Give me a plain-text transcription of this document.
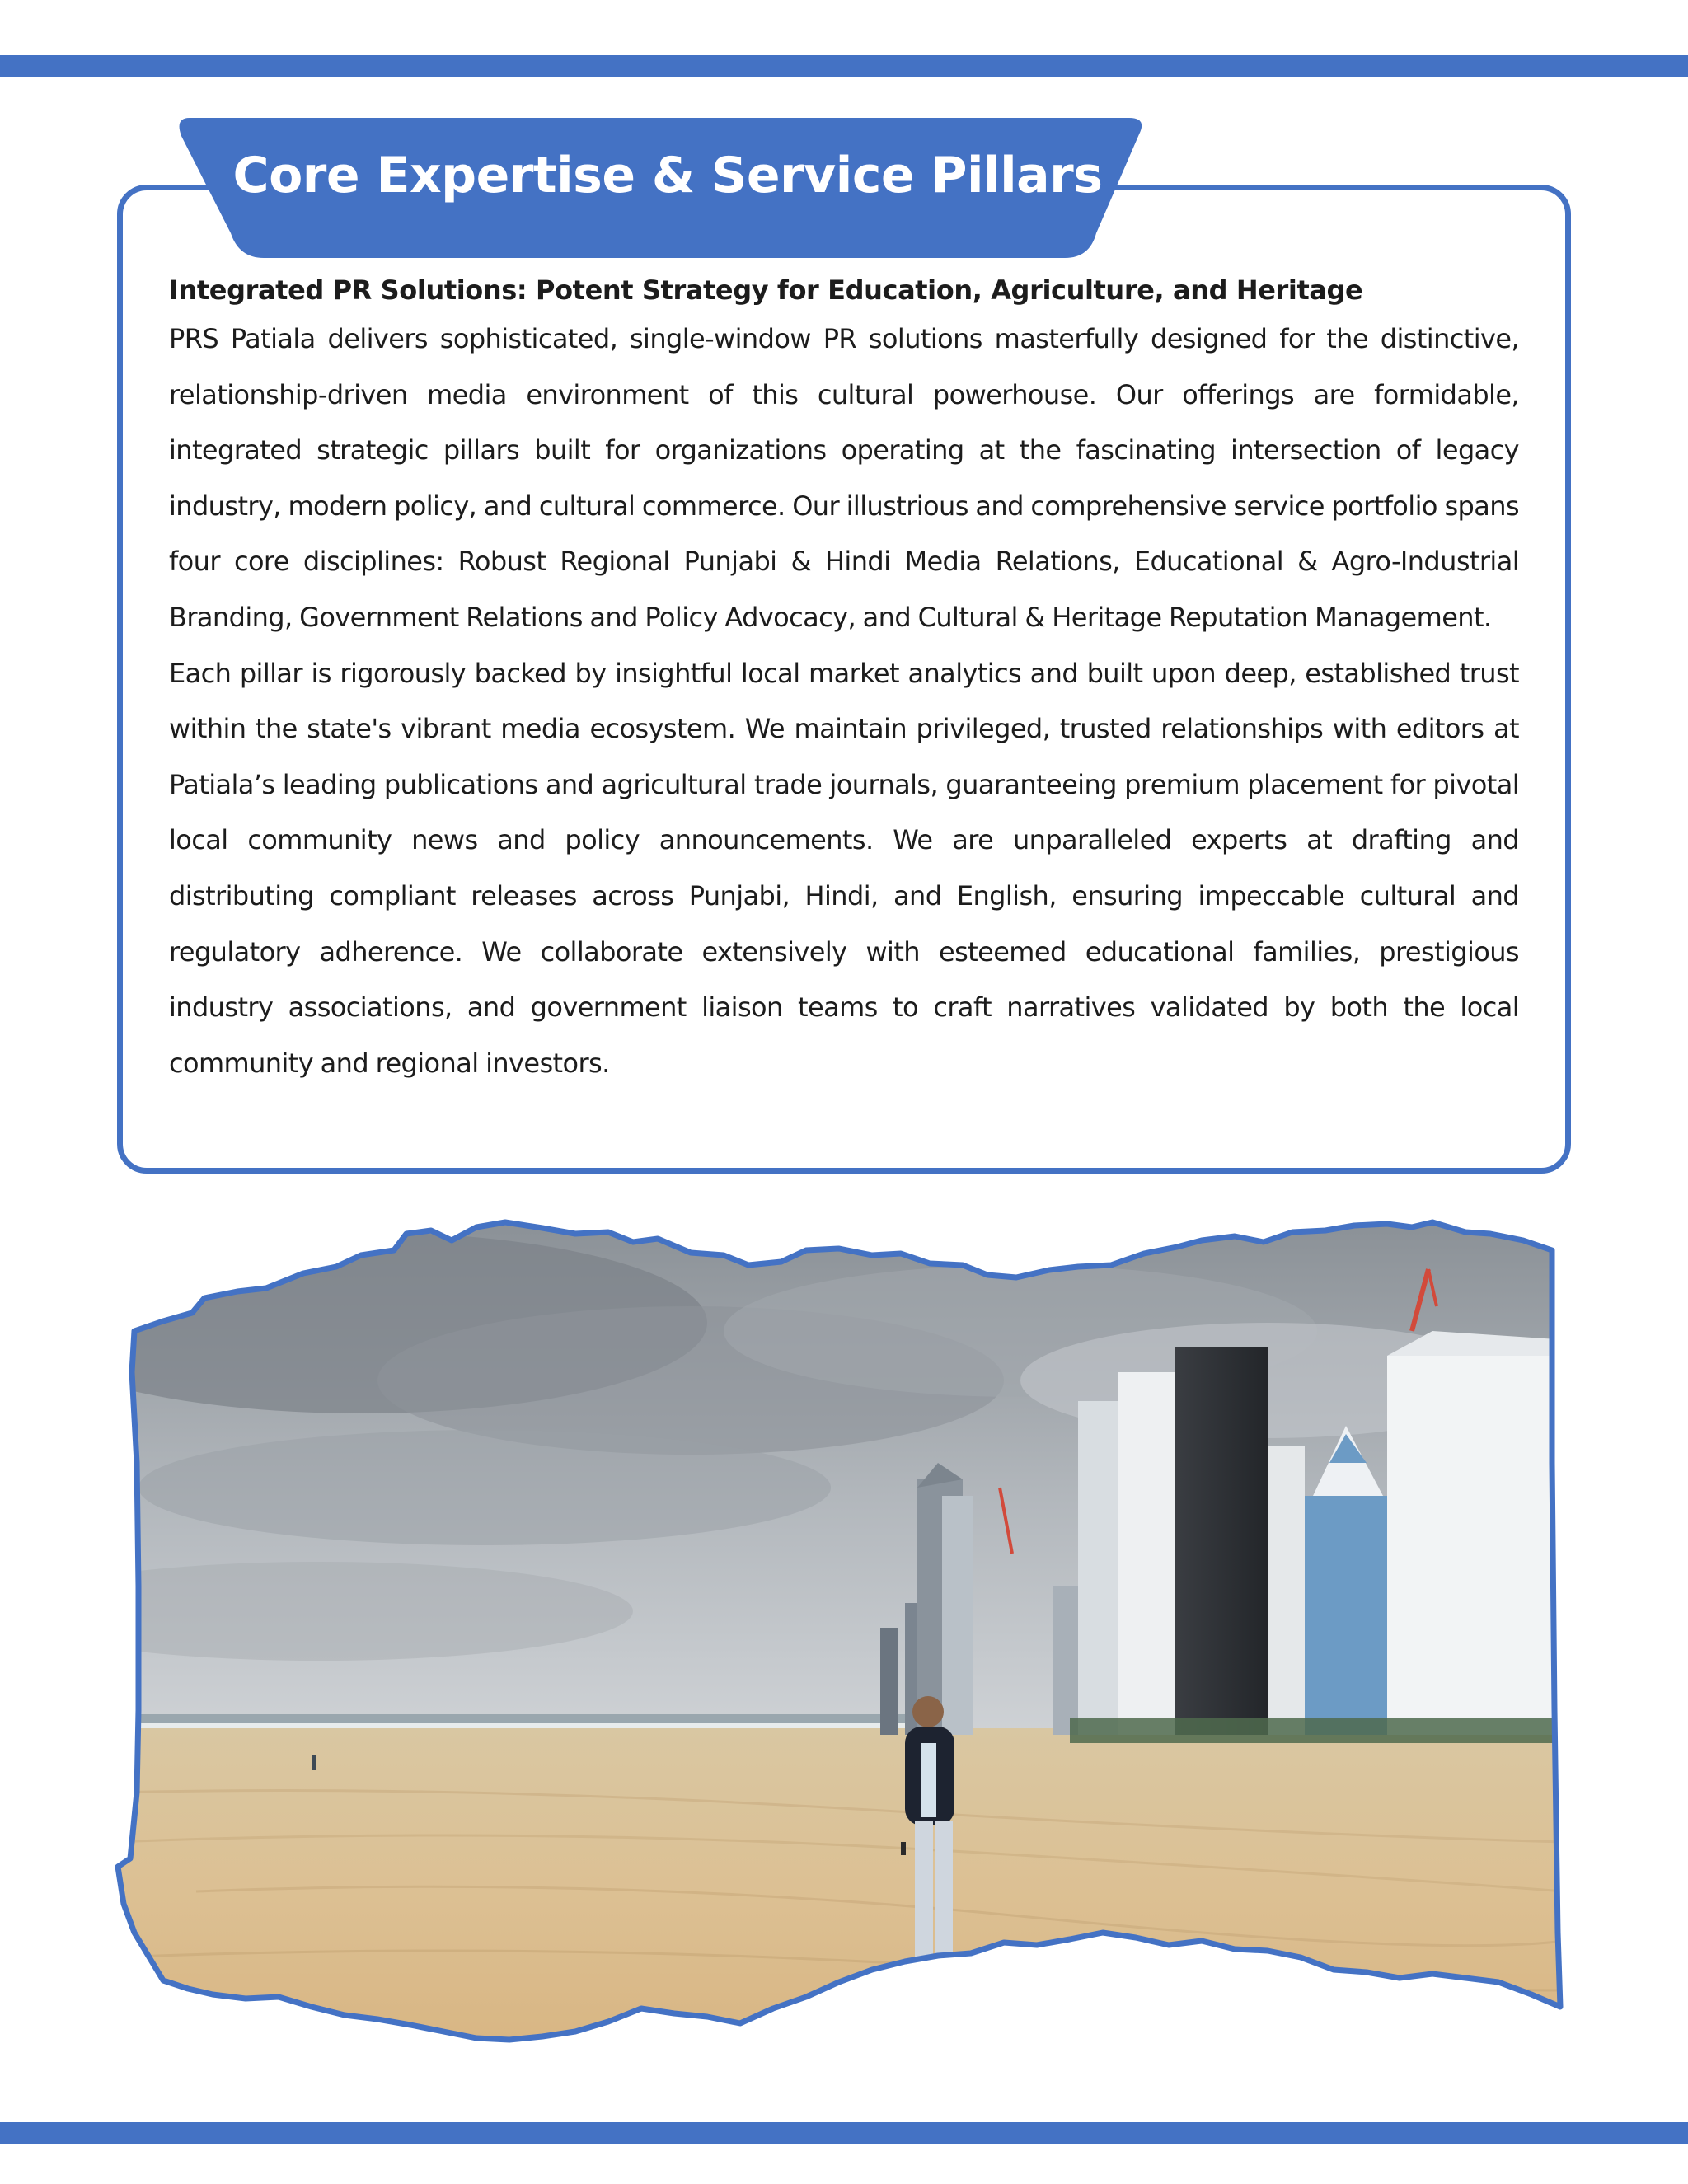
Core Expertise & Service Pillars

Integrated PR Solutions: Potent Strategy for Education, Agriculture, and Heritage

PRS Patiala delivers sophisticated, single-window PR solutions masterfully designed for the distinctive, relationship-driven media environment of this cultural powerhouse. Our offerings are formidable, integrated strategic pillars built for organizations operating at the fascinating intersection of legacy industry, modern policy, and cultural commerce. Our illustrious and comprehensive service portfolio spans four core disciplines: Robust Regional Punjabi & Hindi Media Relations, Educational & Agro-Industrial Branding, Government Relations and Policy Advocacy, and Cultural & Heritage Reputation Management.

Each pillar is rigorously backed by insightful local market analytics and built upon deep, established trust within the state's vibrant media ecosystem. We maintain privileged, trusted relationships with editors at Patiala’s leading publications and agricultural trade journals, guaranteeing premium placement for pivotal local community news and policy announcements. We are unparalleled experts at drafting and distributing compliant releases across Punjabi, Hindi, and English, ensuring impeccable cultural and regulatory adherence. We collaborate extensively with esteemed educational families, prestigious industry associations, and government liaison teams to craft narratives validated by both the local community and regional investors.
